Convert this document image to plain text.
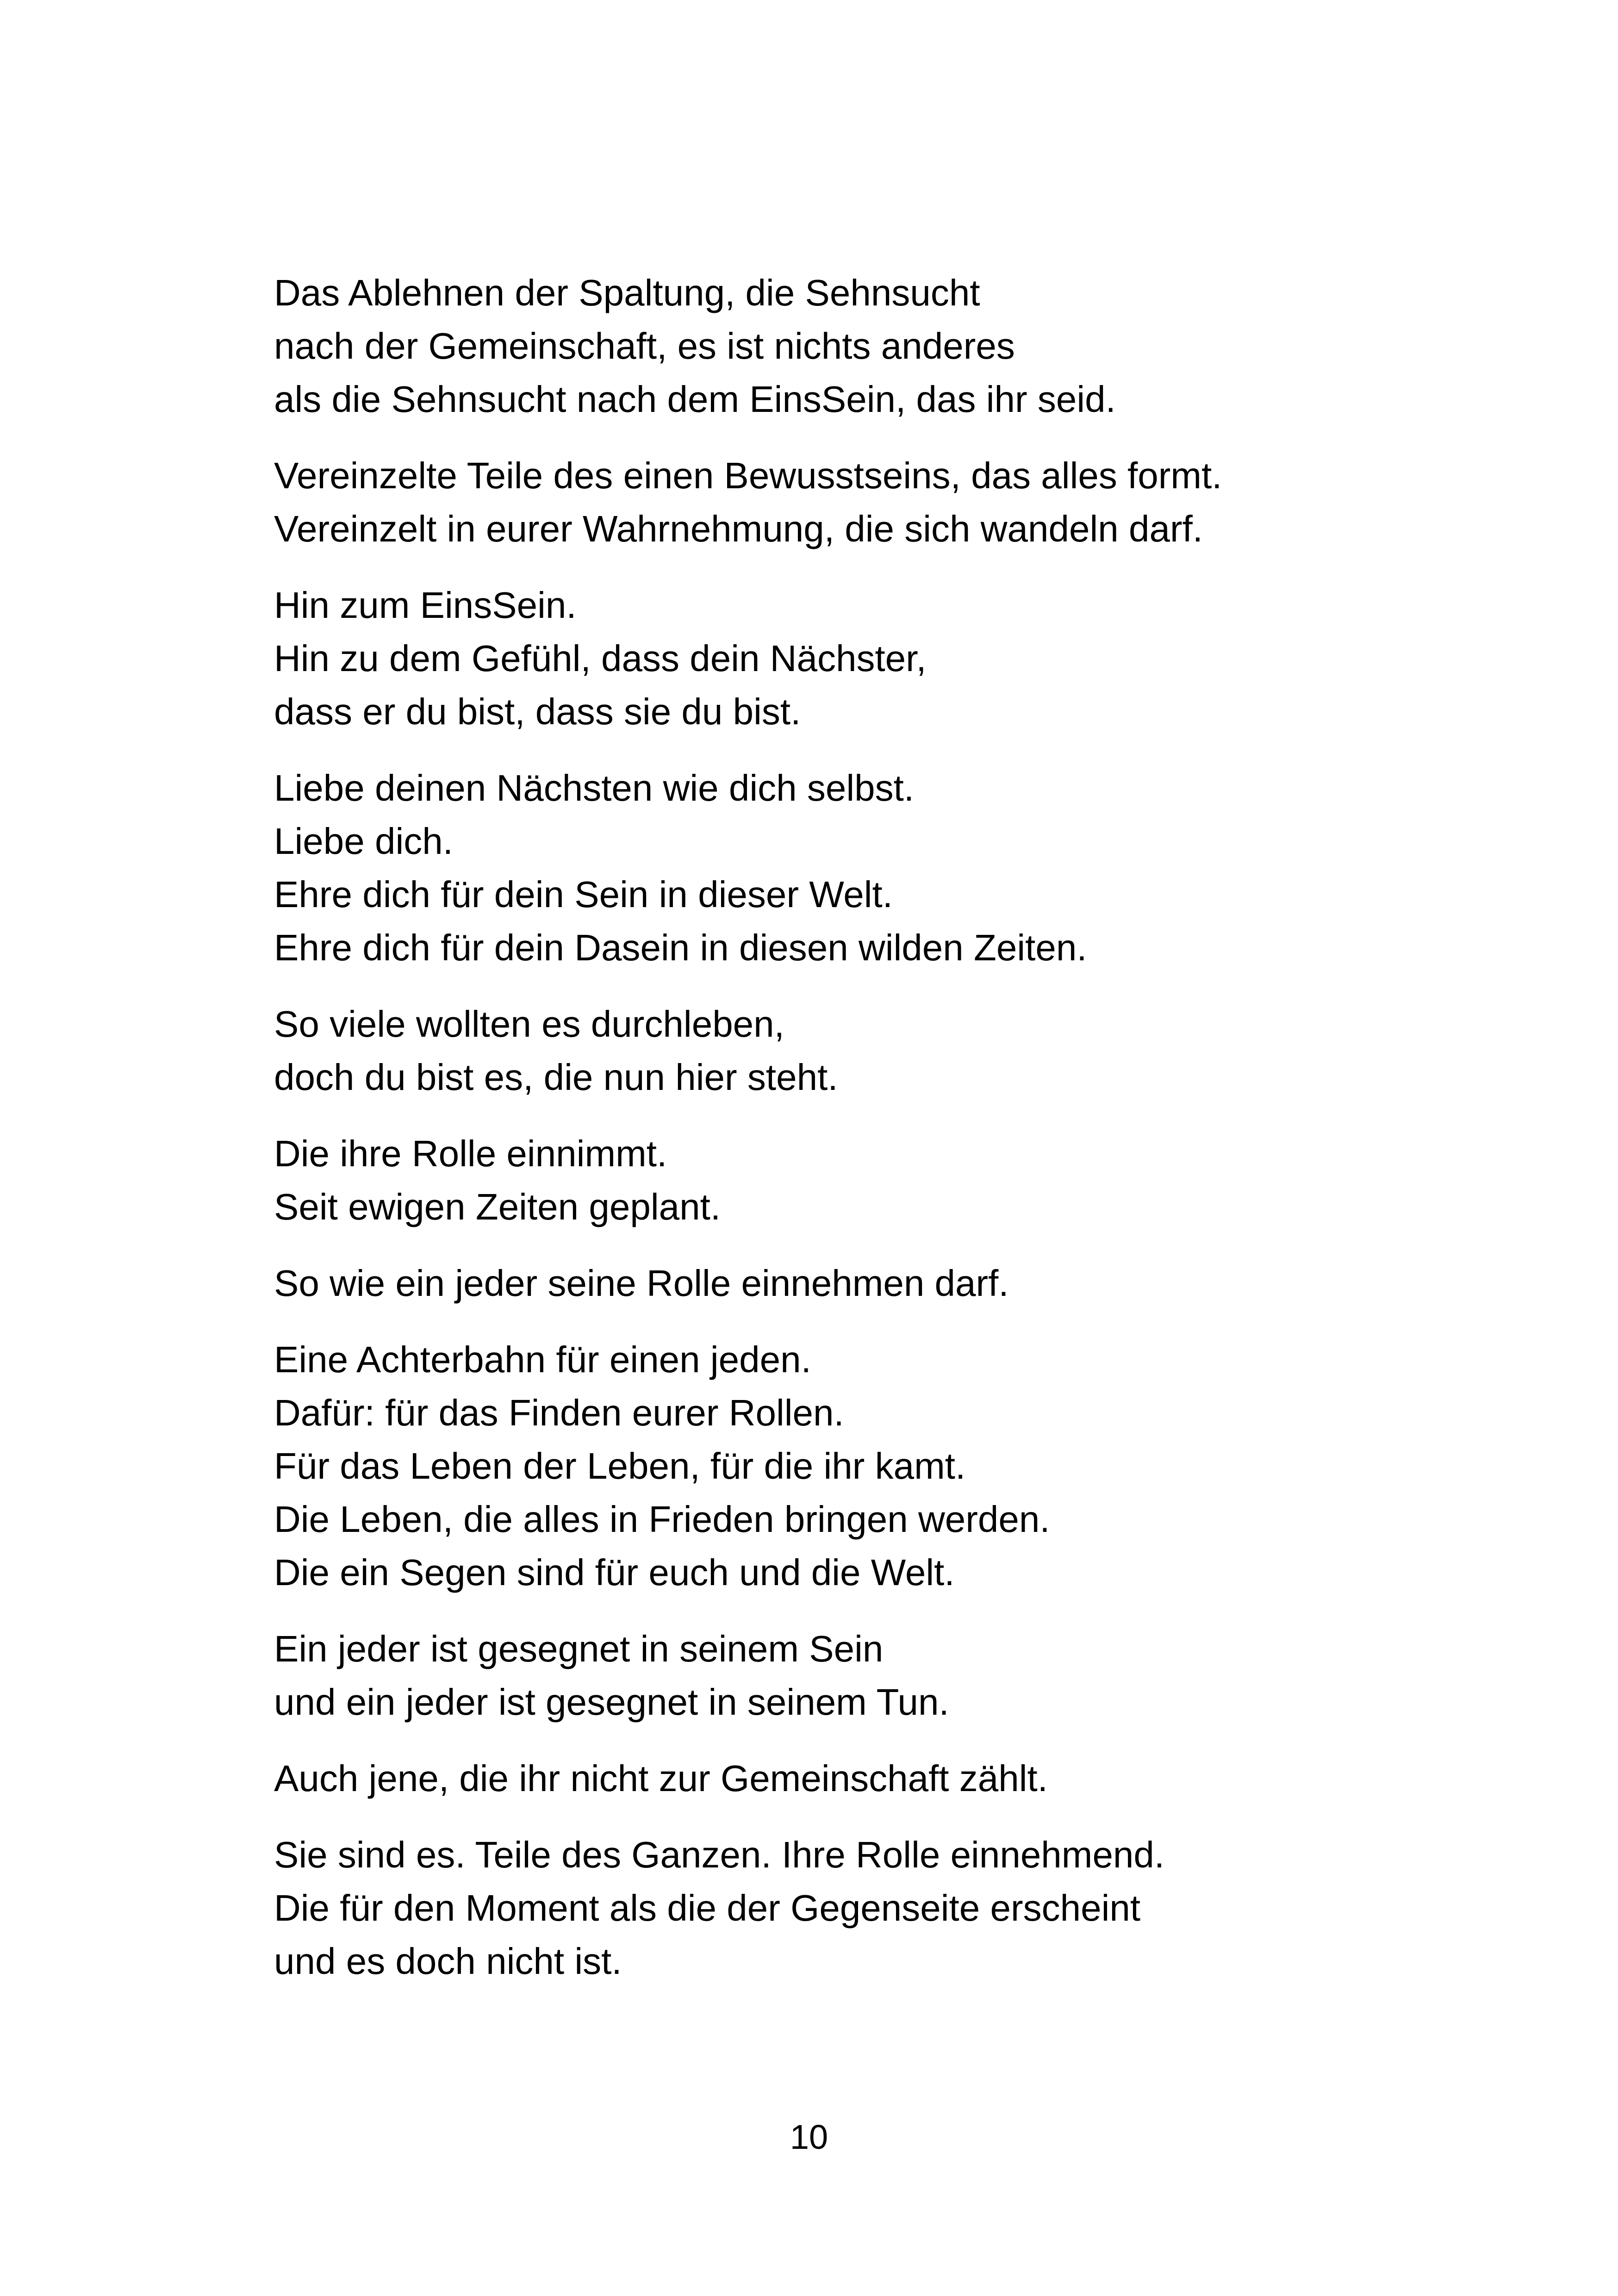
Das Ablehnen der Spaltung, die Sehnsucht
nach der Gemeinschaft, es ist nichts anderes
als die Sehnsucht nach dem EinsSein, das ihr seid.
Vereinzelte Teile des einen Bewusstseins, das alles formt.
Vereinzelt in eurer Wahrnehmung, die sich wandeln darf.
Hin zum EinsSein.
Hin zu dem Gefühl, dass dein Nächster,
dass er du bist, dass sie du bist.
Liebe deinen Nächsten wie dich selbst.
Liebe dich.
Ehre dich für dein Sein in dieser Welt.
Ehre dich für dein Dasein in diesen wilden Zeiten.
So viele wollten es durchleben,
doch du bist es, die nun hier steht.
Die ihre Rolle einnimmt.
Seit ewigen Zeiten geplant.
So wie ein jeder seine Rolle einnehmen darf.
Eine Achterbahn für einen jeden.
Dafür: für das Finden eurer Rollen.
Für das Leben der Leben, für die ihr kamt.
Die Leben, die alles in Frieden bringen werden.
Die ein Segen sind für euch und die Welt.
Ein jeder ist gesegnet in seinem Sein
und ein jeder ist gesegnet in seinem Tun.
Auch jene, die ihr nicht zur Gemeinschaft zählt.
Sie sind es. Teile des Ganzen. Ihre Rolle einnehmend.
Die für den Moment als die der Gegenseite erscheint
und es doch nicht ist.
10
